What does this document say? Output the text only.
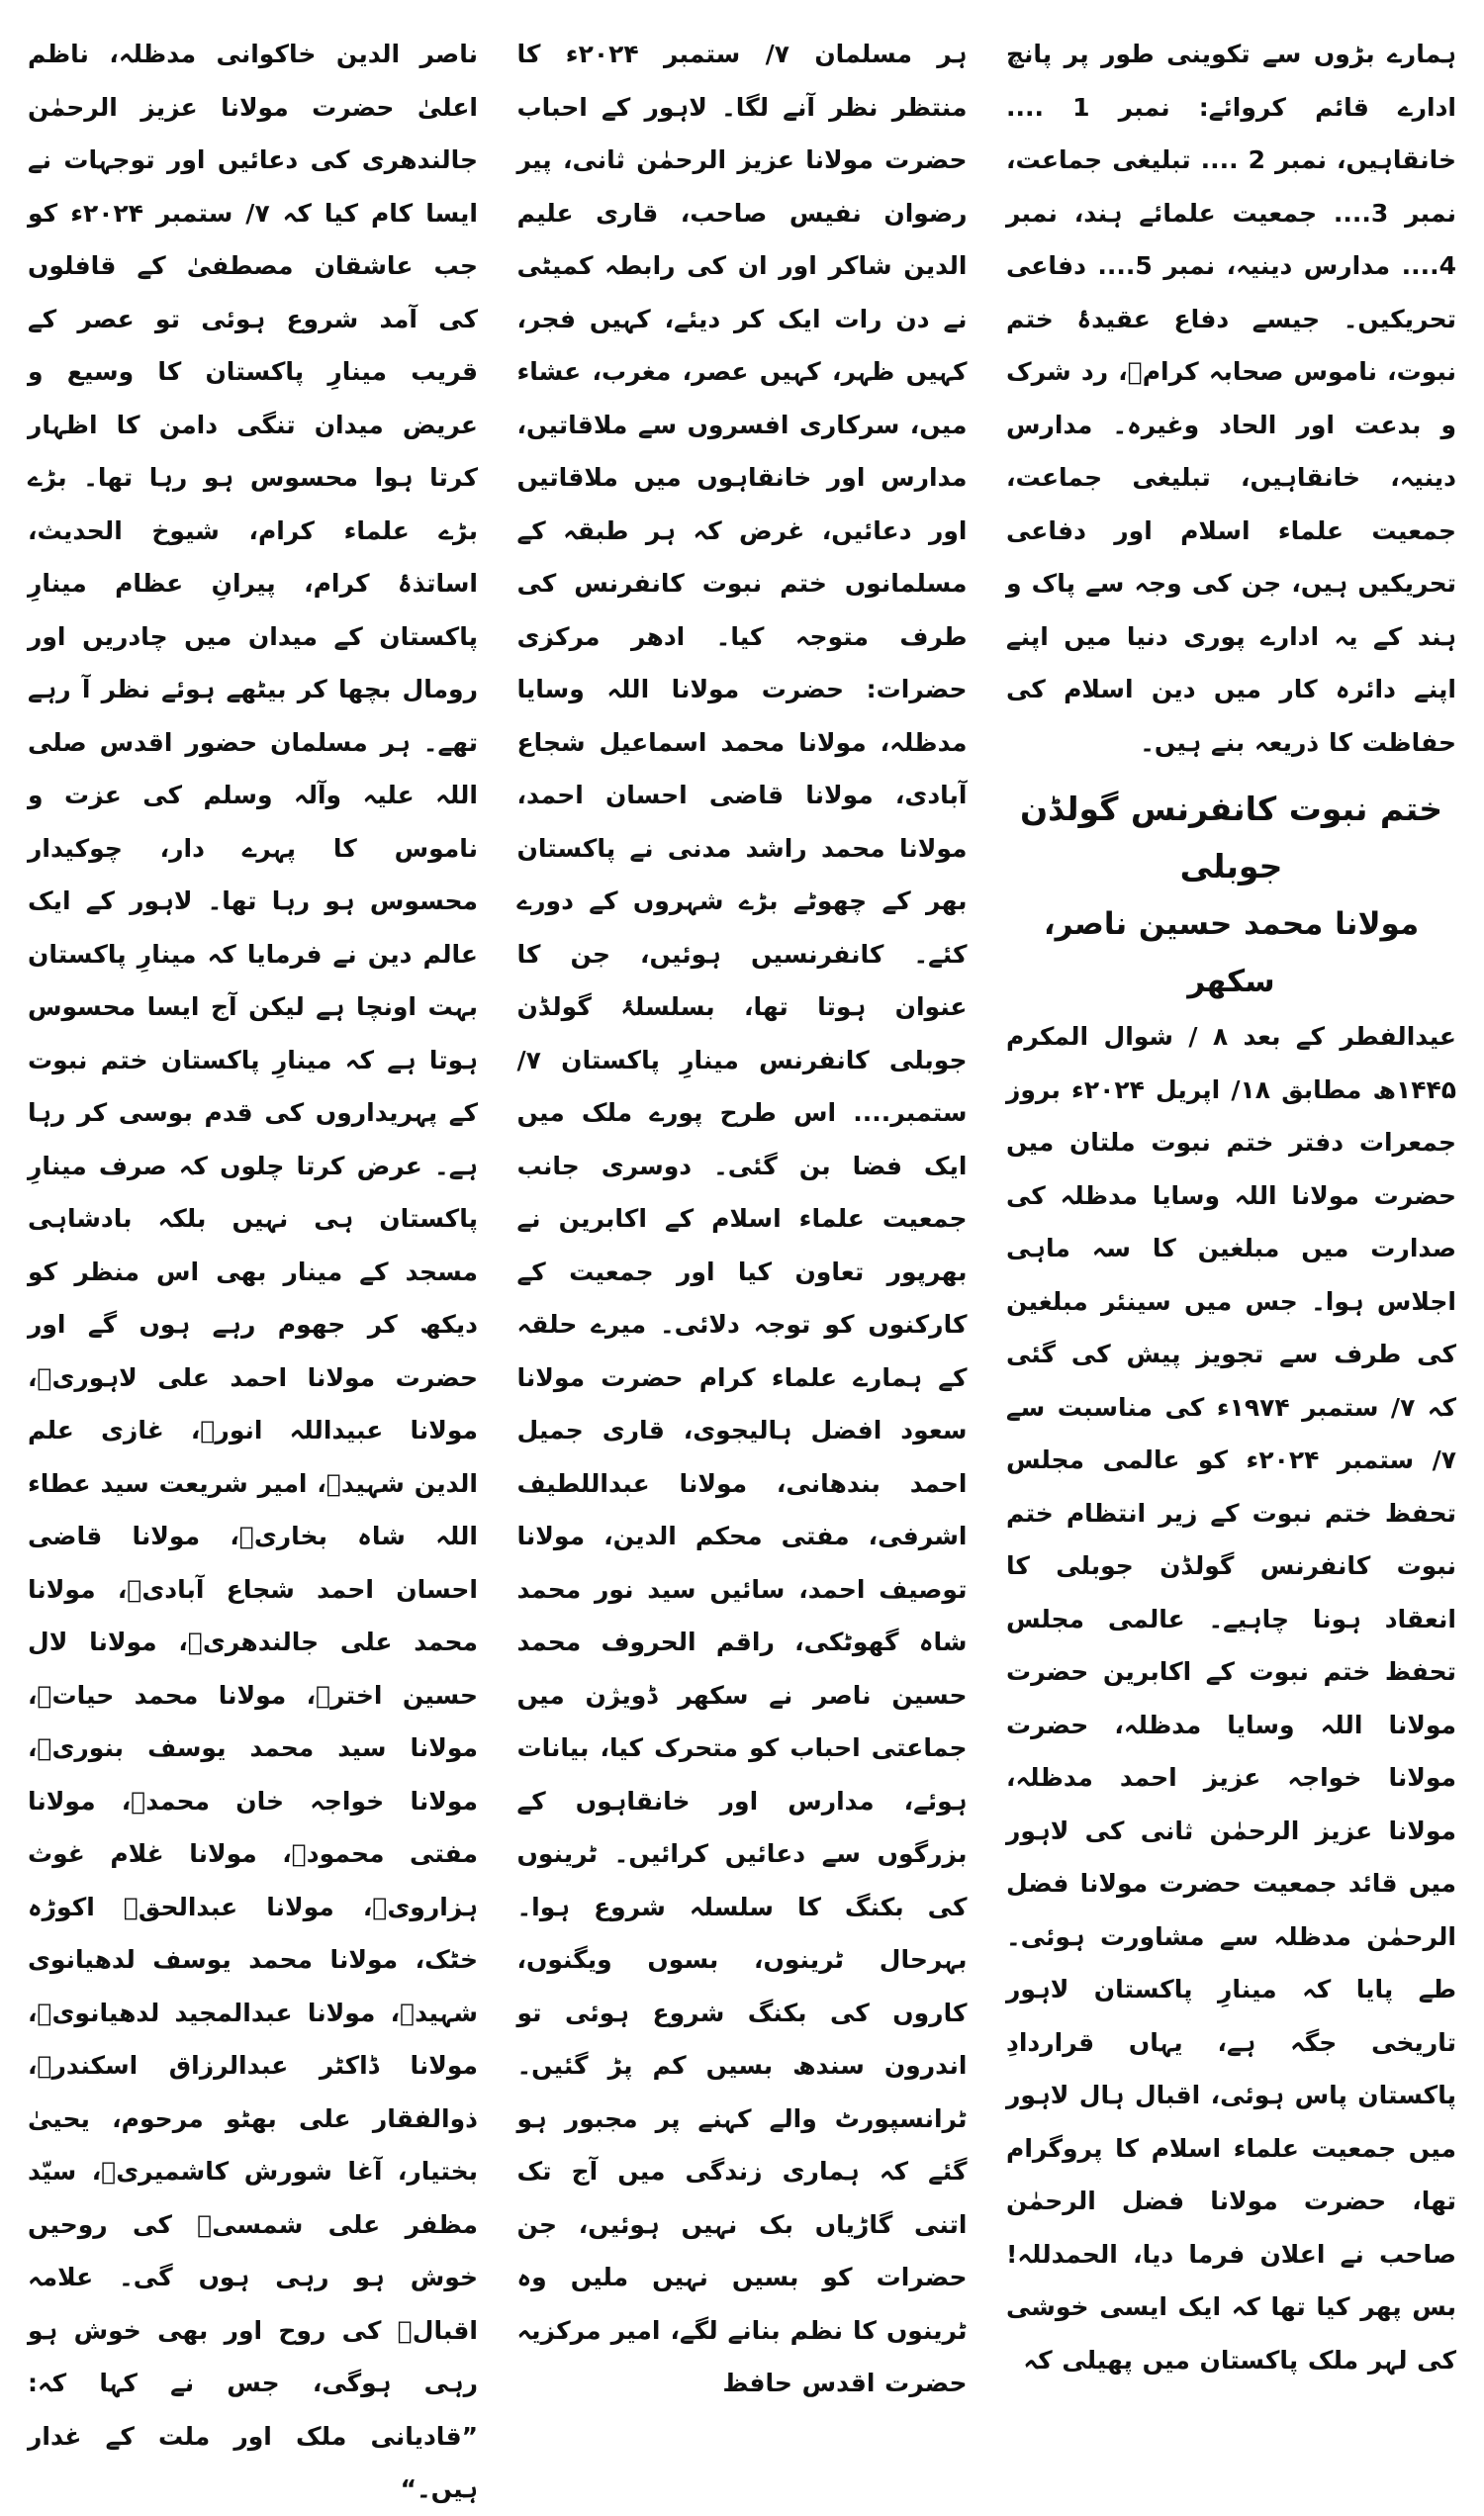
ہمارے بڑوں سے تکوینی طور پر پانچ ادارے قائم کروائے: نمبر 1 .... خانقاہیں، نمبر 2 .... تبلیغی جماعت، نمبر 3.... جمعیت علمائے ہند، نمبر 4.... مدارس دینیہ، نمبر 5.... دفاعی تحریکیں۔ جیسے دفاع عقیدۂ ختم نبوت، ناموس صحابہ کرامؓ، رد شرک و بدعت اور الحاد وغیرہ۔ مدارس دینیہ، خانقاہیں، تبلیغی جماعت، جمعیت علماء اسلام اور دفاعی تحریکیں ہیں، جن کی وجہ سے پاک و ہند کے یہ ادارے پوری دنیا میں اپنے اپنے دائرہ کار میں دین اسلام کی حفاظت کا ذریعہ بنے ہیں۔

ختم نبوت کانفرنس گولڈن جوبلی

مولانا محمد حسین ناصر، سکھر

عیدالفطر کے بعد ۸ / شوال المکرم ۱۴۴۵ھ مطابق ۱۸/ اپریل ۲۰۲۴ء بروز جمعرات دفتر ختم نبوت ملتان میں حضرت مولانا اللہ وسایا مدظلہ کی صدارت میں مبلغین کا سہ ماہی اجلاس ہوا۔ جس میں سینئر مبلغین کی طرف سے تجویز پیش کی گئی کہ ۷/ ستمبر ۱۹۷۴ء کی مناسبت سے ۷/ ستمبر ۲۰۲۴ء کو عالمی مجلس تحفظ ختم نبوت کے زیر انتظام ختم نبوت کانفرنس گولڈن جوبلی کا انعقاد ہونا چاہیے۔ عالمی مجلس تحفظ ختم نبوت کے اکابرین حضرت مولانا اللہ وسایا مدظلہ، حضرت مولانا خواجہ عزیز احمد مدظلہ، مولانا عزیز الرحمٰن ثانی کی لاہور میں قائد جمعیت حضرت مولانا فضل الرحمٰن مدظلہ سے مشاورت ہوئی۔ طے پایا کہ مینارِ پاکستان لاہور تاریخی جگہ ہے، یہاں قراردادِ پاکستان پاس ہوئی، اقبال ہال لاہور میں جمعیت علماء اسلام کا پروگرام تھا، حضرت مولانا فضل الرحمٰن صاحب نے اعلان فرما دیا، الحمدللہ! بس پھر کیا تھا کہ ایک ایسی خوشی کی لہر ملک پاکستان میں پھیلی کہ

ہر مسلمان ۷/ ستمبر ۲۰۲۴ء کا منتظر نظر آنے لگا۔ لاہور کے احباب حضرت مولانا عزیز الرحمٰن ثانی، پیر رضوان نفیس صاحب، قاری علیم الدین شاکر اور ان کی رابطہ کمیٹی نے دن رات ایک کر دیئے، کہیں فجر، کہیں ظہر، کہیں عصر، مغرب، عشاء میں، سرکاری افسروں سے ملاقاتیں، مدارس اور خانقاہوں میں ملاقاتیں اور دعائیں، غرض کہ ہر طبقہ کے مسلمانوں ختم نبوت کانفرنس کی طرف متوجہ کیا۔ ادھر مرکزی حضرات: حضرت مولانا اللہ وسایا مدظلہ، مولانا محمد اسماعیل شجاع آبادی، مولانا قاضی احسان احمد، مولانا محمد راشد مدنی نے پاکستان بھر کے چھوٹے بڑے شہروں کے دورے کئے۔ کانفرنسیں ہوئیں، جن کا عنوان ہوتا تھا، بسلسلۂ گولڈن جوبلی کانفرنس مینارِ پاکستان ۷/ ستمبر.... اس طرح پورے ملک میں ایک فضا بن گئی۔ دوسری جانب جمعیت علماء اسلام کے اکابرین نے بھرپور تعاون کیا اور جمعیت کے کارکنوں کو توجہ دلائی۔ میرے حلقہ کے ہمارے علماء کرام حضرت مولانا سعود افضل ہالیجوی، قاری جمیل احمد بندھانی، مولانا عبداللطیف اشرفی، مفتی محکم الدین، مولانا توصیف احمد، سائیں سید نور محمد شاہ گھوٹکی، راقم الحروف محمد حسین ناصر نے سکھر ڈویژن میں جماعتی احباب کو متحرک کیا، بیانات ہوئے، مدارس اور خانقاہوں کے بزرگوں سے دعائیں کرائیں۔ ٹرینوں کی بکنگ کا سلسلہ شروع ہوا۔ بہرحال ٹرینوں، بسوں ویگنوں، کاروں کی بکنگ شروع ہوئی تو اندرون سندھ بسیں کم پڑ گئیں۔ ٹرانسپورٹ والے کہنے پر مجبور ہو گئے کہ ہماری زندگی میں آج تک اتنی گاڑیاں بک نہیں ہوئیں، جن حضرات کو بسیں نہیں ملیں وہ ٹرینوں کا نظم بنانے لگے، امیر مرکزیہ حضرت اقدس حافظ

ناصر الدین خاکوانی مدظلہ، ناظم اعلیٰ حضرت مولانا عزیز الرحمٰن جالندھری کی دعائیں اور توجہات نے ایسا کام کیا کہ ۷/ ستمبر ۲۰۲۴ء کو جب عاشقان مصطفیٰ کے قافلوں کی آمد شروع ہوئی تو عصر کے قریب مینارِ پاکستان کا وسیع و عریض میدان تنگی دامن کا اظہار کرتا ہوا محسوس ہو رہا تھا۔ بڑے بڑے علماء کرام، شیوخ الحدیث، اساتذۂ کرام، پیرانِ عظام مینارِ پاکستان کے میدان میں چادریں اور رومال بچھا کر بیٹھے ہوئے نظر آ رہے تھے۔ ہر مسلمان حضور اقدس صلی اللہ علیہ وآلہ وسلم کی عزت و ناموس کا پہرے دار، چوکیدار محسوس ہو رہا تھا۔ لاہور کے ایک عالم دین نے فرمایا کہ مینارِ پاکستان بہت اونچا ہے لیکن آج ایسا محسوس ہوتا ہے کہ مینارِ پاکستان ختم نبوت کے پہریداروں کی قدم بوسی کر رہا ہے۔ عرض کرتا چلوں کہ صرف مینارِ پاکستان ہی نہیں بلکہ بادشاہی مسجد کے مینار بھی اس منظر کو دیکھ کر جھوم رہے ہوں گے اور حضرت مولانا احمد علی لاہوریؒ، مولانا عبیداللہ انورؒ، غازی علم الدین شہیدؒ، امیر شریعت سید عطاء اللہ شاہ بخاریؒ، مولانا قاضی احسان احمد شجاع آبادیؒ، مولانا محمد علی جالندھریؒ، مولانا لال حسین اخترؒ، مولانا محمد حیاتؒ، مولانا سید محمد یوسف بنوریؒ، مولانا خواجہ خان محمدؒ، مولانا مفتی محمودؒ، مولانا غلام غوث ہزارویؒ، مولانا عبدالحقؒ اکوڑہ خٹک، مولانا محمد یوسف لدھیانوی شہیدؒ، مولانا عبدالمجید لدھیانویؒ، مولانا ڈاکٹر عبدالرزاق اسکندرؒ، ذوالفقار علی بھٹو مرحوم، یحییٰ بختیار، آغا شورش کاشمیریؒ، سیّد مظفر علی شمسیؒ کی روحیں خوش ہو رہی ہوں گی۔ علامہ اقبالؒ کی روح اور بھی خوش ہو رہی ہوگی، جس نے کہا کہ: ”قادیانی ملک اور ملت کے غدار ہیں۔“
